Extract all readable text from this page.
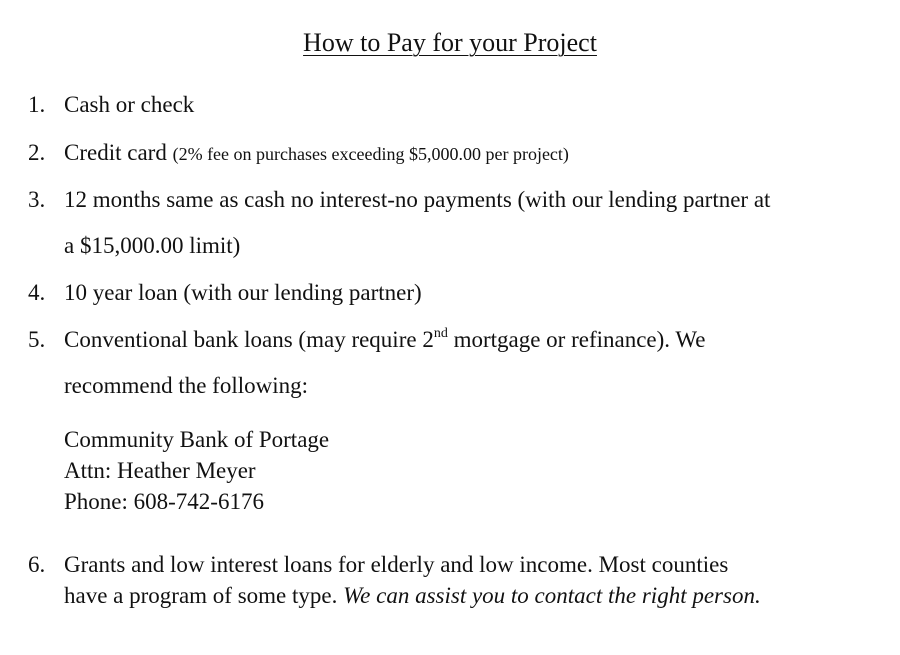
How to Pay for your Project
1. Cash or check
2. Credit card (2% fee on purchases exceeding $5,000.00 per project)
3. 12 months same as cash no interest-no payments (with our lending partner at
a $15,000.00 limit)
4. 10 year loan (with our lending partner)
5. Conventional bank loans (may require 2nd mortgage or refinance). We
recommend the following:
Community Bank of Portage
Attn: Heather Meyer
Phone: 608-742-6176
6. Grants and low interest loans for elderly and low income. Most counties
have a program of some type. We can assist you to contact the right person.
